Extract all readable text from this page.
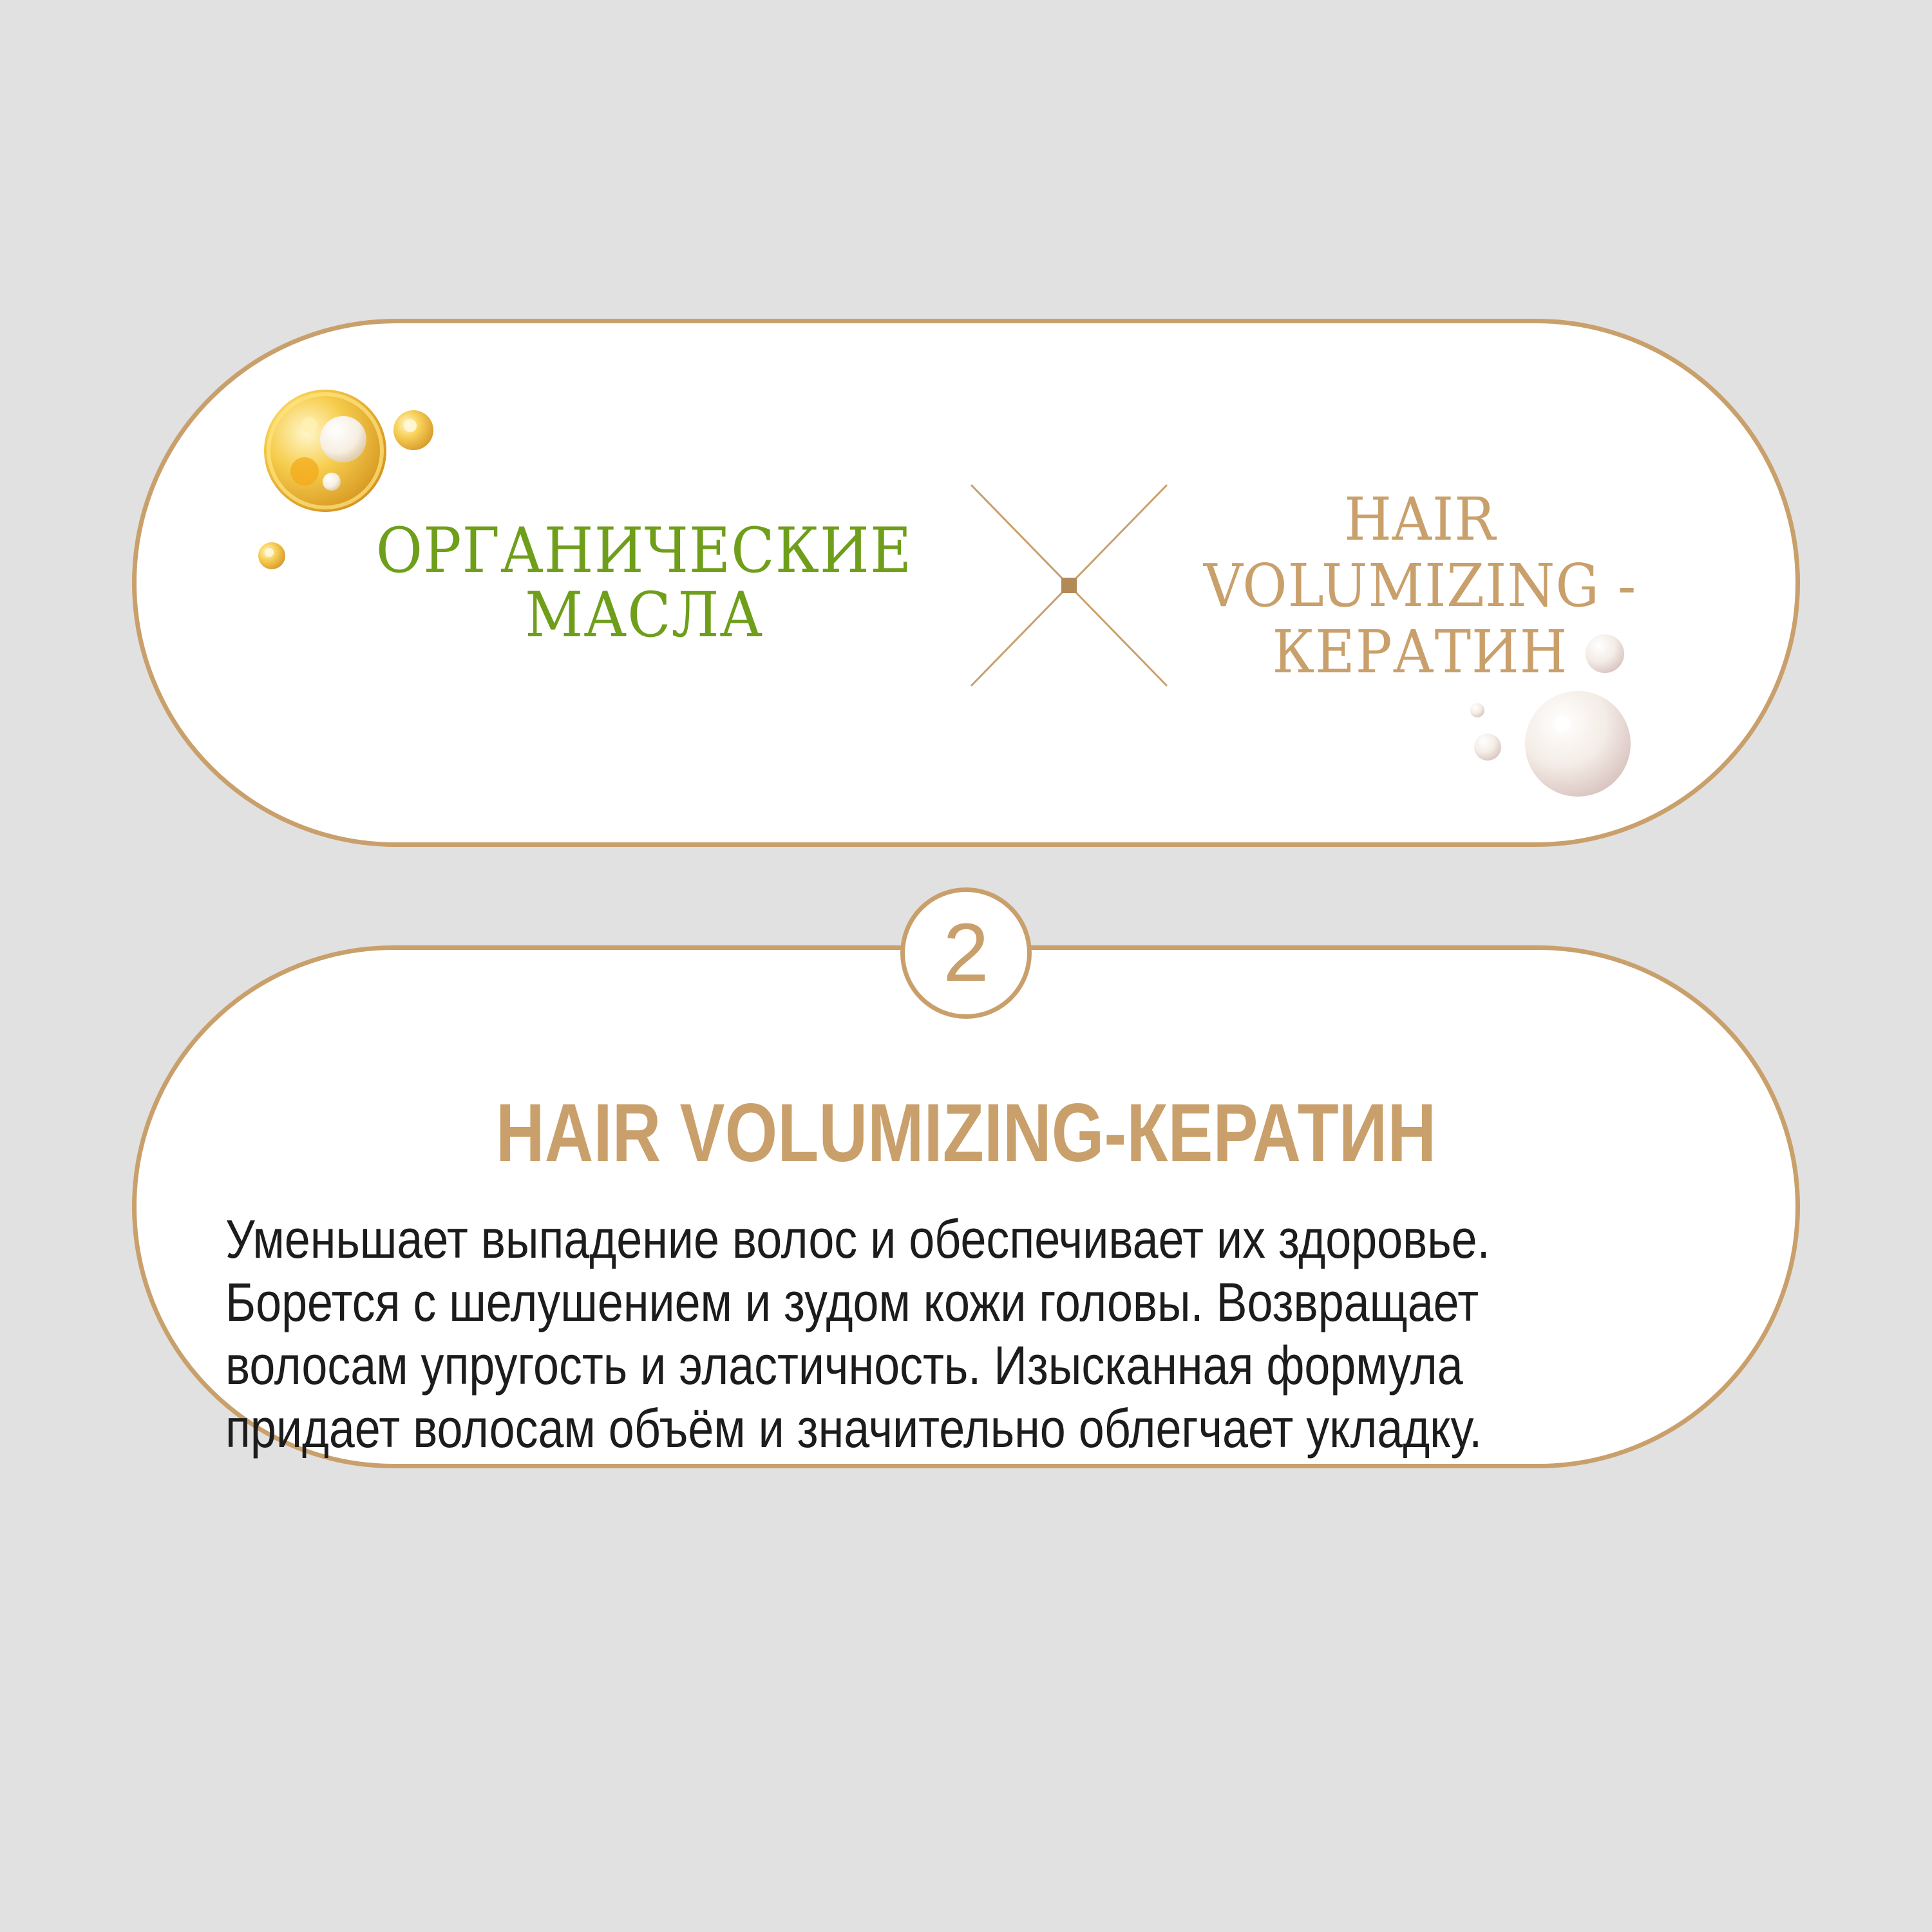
ОРГАНИЧЕСКИЕ
МАСЛА
HAIR
VOLUMIZING -
КЕРАТИН
2
HAIR VOLUMIZING-КЕРАТИН
Уменьшает выпадение волос и обеспечивает их здоровье.
Борется с шелушением и зудом кожи головы. Возвращает
волосам упругость и эластичность. Изысканная формула
придает волосам объём и значительно облегчает укладку.
